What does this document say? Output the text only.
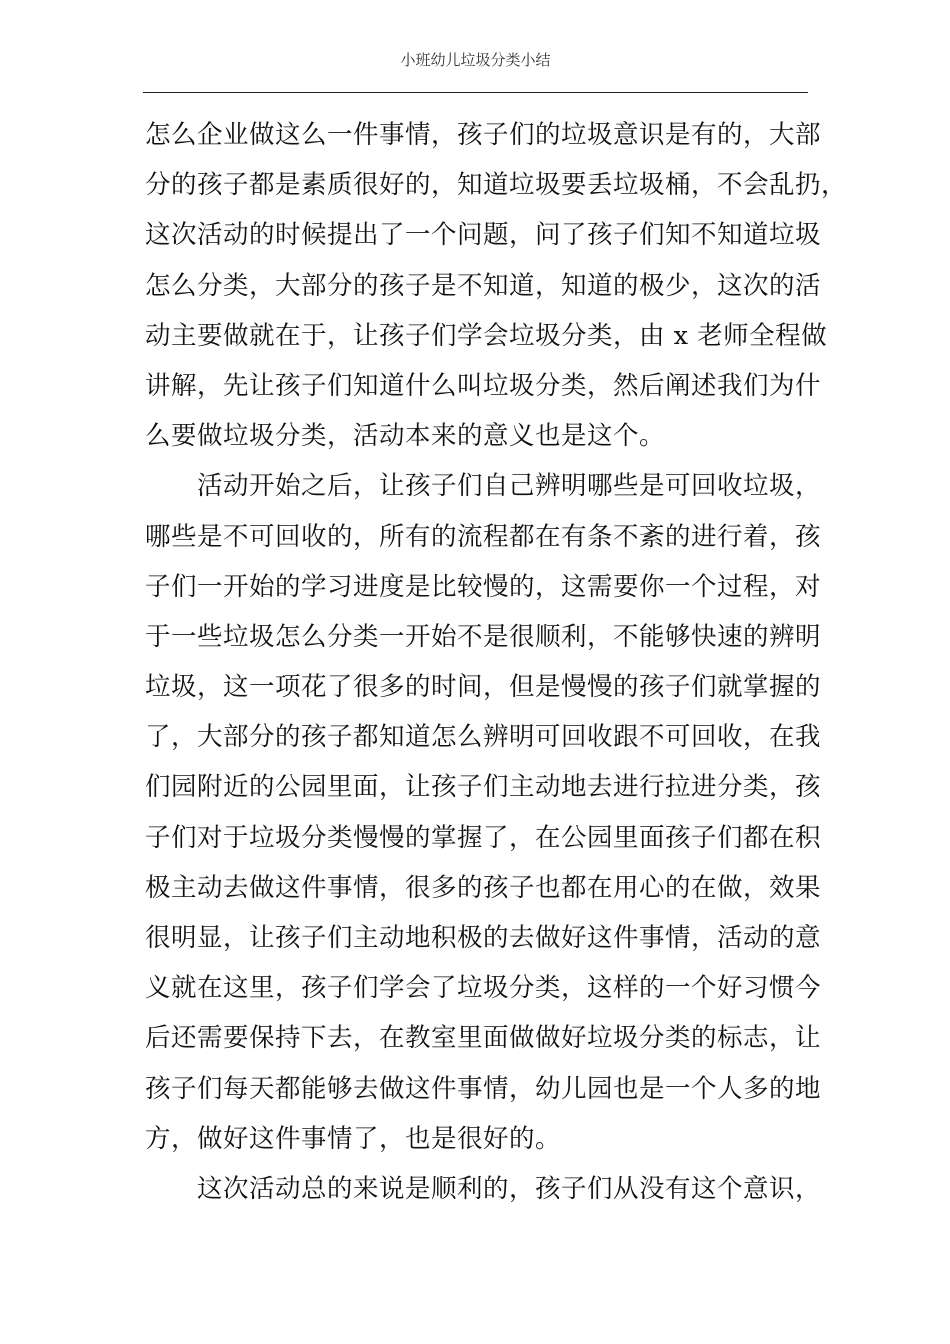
小班幼儿垃圾分类小结
怎么企业做这么一件事情，孩子们的垃圾意识是有的，大部
分的孩子都是素质很好的，知道垃圾要丢垃圾桶，不会乱扔，
这次活动的时候提出了一个问题，问了孩子们知不知道垃圾
怎么分类，大部分的孩子是不知道，知道的极少，这次的活
动主要做就在于，让孩子们学会垃圾分类，由 x 老师全程做
讲解，先让孩子们知道什么叫垃圾分类，然后阐述我们为什
么要做垃圾分类，活动本来的意义也是这个。
活动开始之后，让孩子们自己辨明哪些是可回收垃圾，
哪些是不可回收的，所有的流程都在有条不紊的进行着，孩
子们一开始的学习进度是比较慢的，这需要你一个过程，对
于一些垃圾怎么分类一开始不是很顺利，不能够快速的辨明
垃圾，这一项花了很多的时间，但是慢慢的孩子们就掌握的
了，大部分的孩子都知道怎么辨明可回收跟不可回收，在我
们园附近的公园里面，让孩子们主动地去进行拉进分类，孩
子们对于垃圾分类慢慢的掌握了，在公园里面孩子们都在积
极主动去做这件事情，很多的孩子也都在用心的在做，效果
很明显，让孩子们主动地积极的去做好这件事情，活动的意
义就在这里，孩子们学会了垃圾分类，这样的一个好习惯今
后还需要保持下去，在教室里面做做好垃圾分类的标志，让
孩子们每天都能够去做这件事情，幼儿园也是一个人多的地
方，做好这件事情了，也是很好的。
这次活动总的来说是顺利的，孩子们从没有这个意识，
